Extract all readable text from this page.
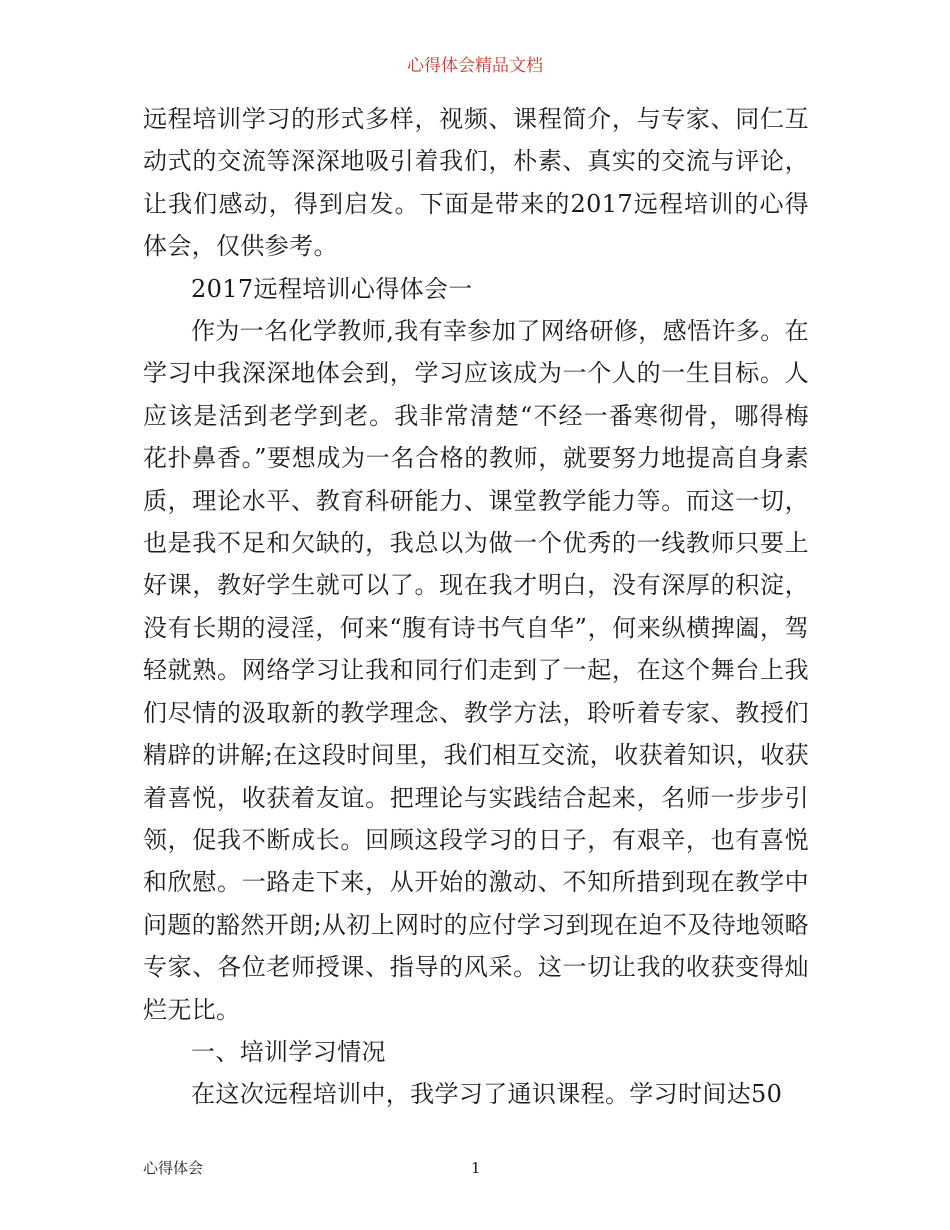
心得体会精品文档

远程培训学习的形式多样，视频、课程简介，与专家、同仁互动式的交流等深深地吸引着我们，朴素、真实的交流与评论，让我们感动，得到启发。下面是带来的2017远程培训的心得体会，仅供参考。

2017远程培训心得体会一

作为一名化学教师,我有幸参加了网络研修，感悟许多。在学习中我深深地体会到，学习应该成为一个人的一生目标。人应该是活到老学到老。我非常清楚“不经一番寒彻骨，哪得梅花扑鼻香。”要想成为一名合格的教师，就要努力地提高自身素质，理论水平、教育科研能力、课堂教学能力等。而这一切，也是我不足和欠缺的，我总以为做一个优秀的一线教师只要上好课，教好学生就可以了。现在我才明白，没有深厚的积淀，没有长期的浸淫，何来“腹有诗书气自华”，何来纵横捭阖，驾轻就熟。网络学习让我和同行们走到了一起，在这个舞台上我们尽情的汲取新的教学理念、教学方法，聆听着专家、教授们精辟的讲解;在这段时间里，我们相互交流，收获着知识，收获着喜悦，收获着友谊。把理论与实践结合起来，名师一步步引领，促我不断成长。回顾这段学习的日子，有艰辛，也有喜悦和欣慰。一路走下来，从开始的激动、不知所措到现在教学中问题的豁然开朗;从初上网时的应付学习到现在迫不及待地领略专家、各位老师授课、指导的风采。这一切让我的收获变得灿烂无比。

一、培训学习情况

在这次远程培训中，我学习了通识课程。学习时间达50

心得体会	1
